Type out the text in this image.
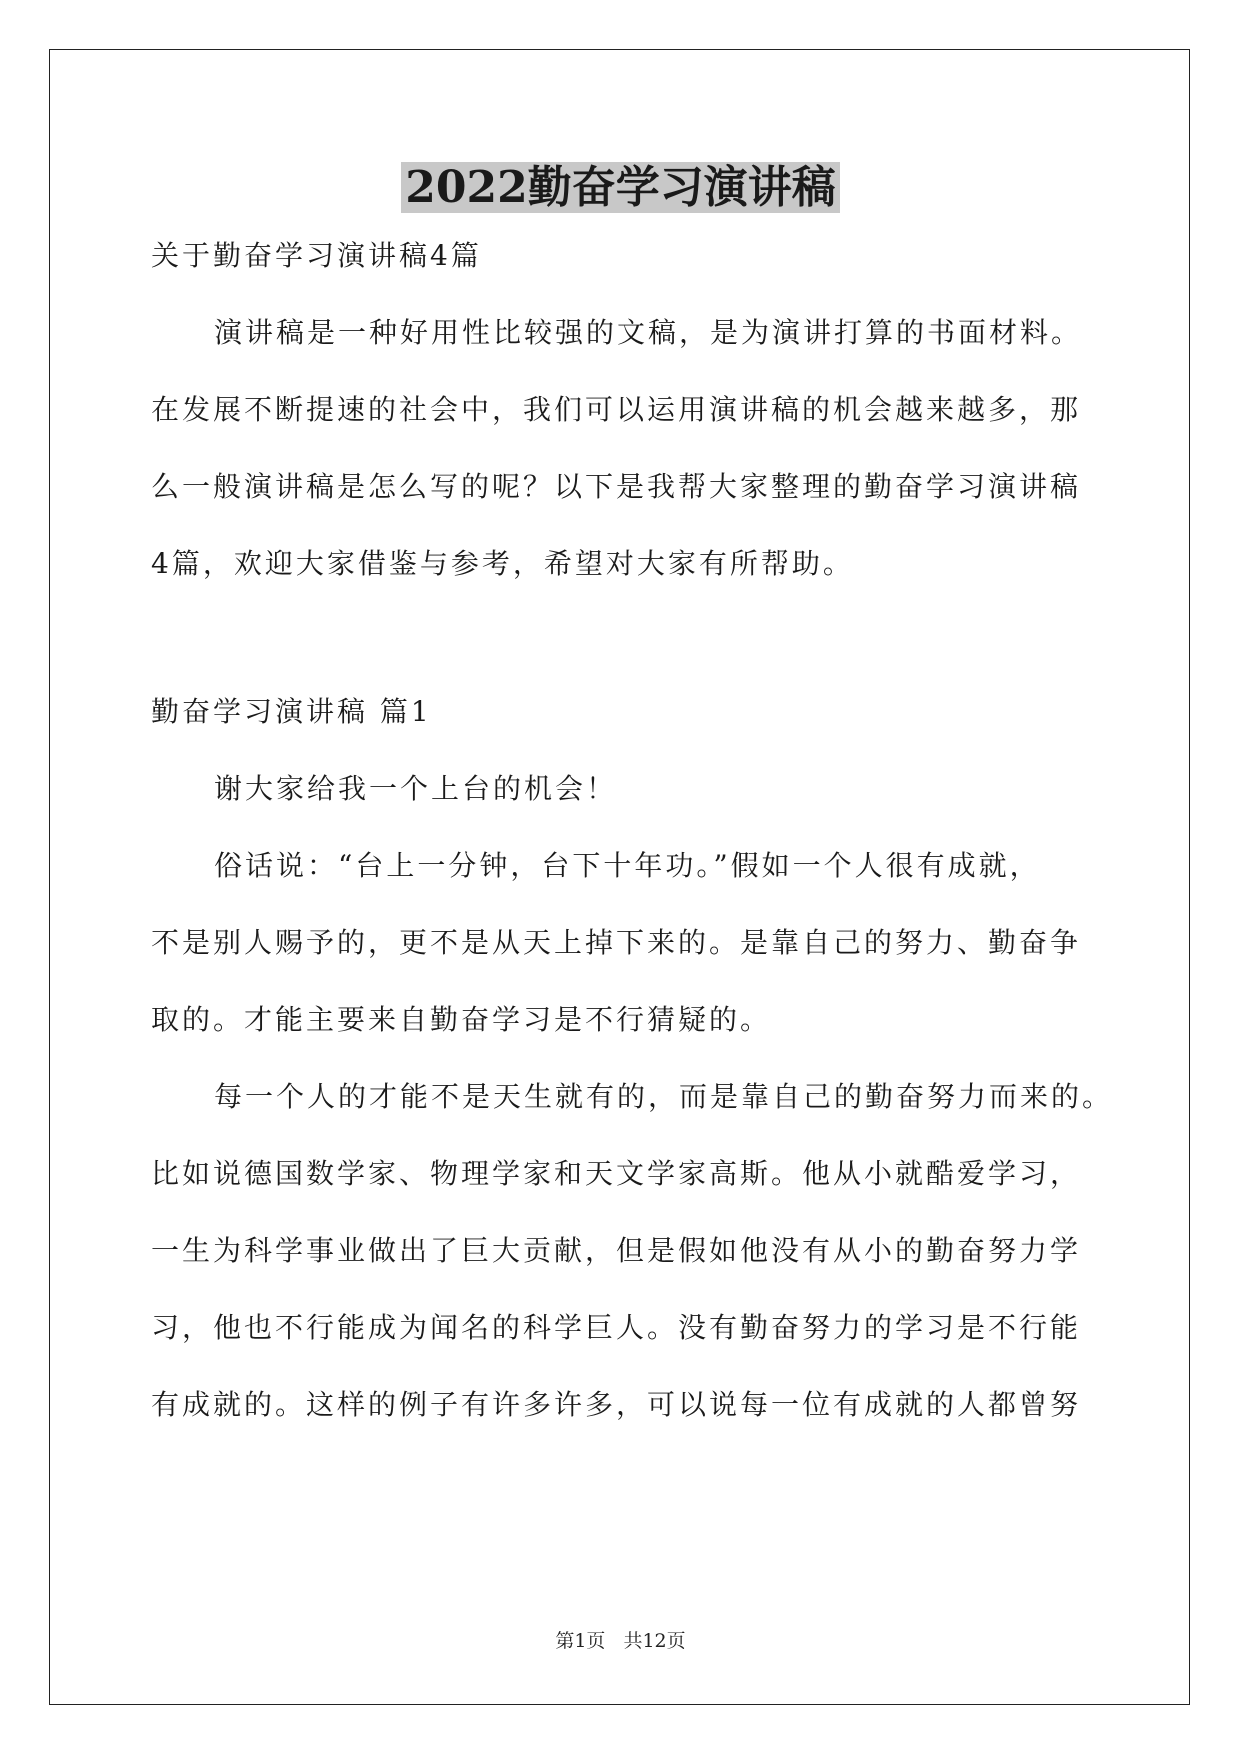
2022勤奋学习演讲稿
关于勤奋学习演讲稿4篇
演讲稿是一种好用性比较强的文稿，是为演讲打算的书面材料。
在发展不断提速的社会中，我们可以运用演讲稿的机会越来越多，那
么一般演讲稿是怎么写的呢？以下是我帮大家整理的勤奋学习演讲稿
4篇，欢迎大家借鉴与参考，希望对大家有所帮助。
勤奋学习演讲稿 篇1
谢大家给我一个上台的机会！
俗话说：“台上一分钟，台下十年功。”假如一个人很有成就，
不是别人赐予的，更不是从天上掉下来的。是靠自己的努力、勤奋争
取的。才能主要来自勤奋学习是不行猜疑的。
每一个人的才能不是天生就有的，而是靠自己的勤奋努力而来的。
比如说德国数学家、物理学家和天文学家高斯。他从小就酷爱学习，
一生为科学事业做出了巨大贡献，但是假如他没有从小的勤奋努力学
习，他也不行能成为闻名的科学巨人。没有勤奋努力的学习是不行能
有成就的。这样的例子有许多许多，可以说每一位有成就的人都曾努
第1页 共12页
